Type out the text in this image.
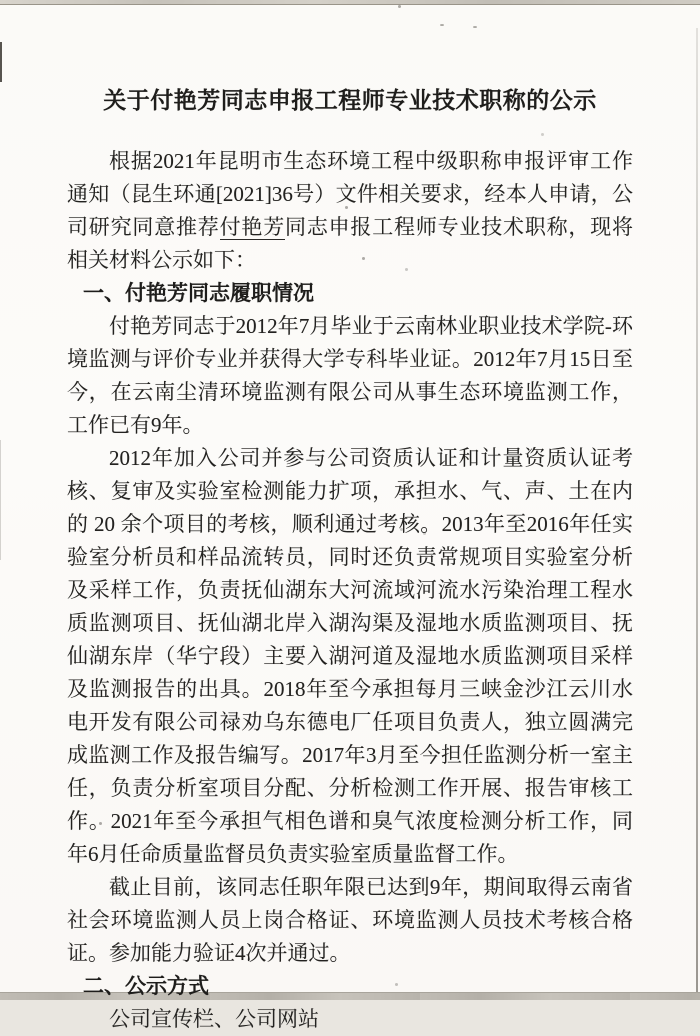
关于付艳芳同志申报工程师专业技术职称的公示

根据2021年昆明市生态环境工程中级职称申报评审工作通知（昆生环通[2021]36号）文件相关要求，经本人申请，公司研究同意推荐付艳芳同志申报工程师专业技术职称，现将相关材料公示如下：

一、付艳芳同志履职情况

付艳芳同志于2012年7月毕业于云南林业职业技术学院-环境监测与评价专业并获得大学专科毕业证。2012年7月15日至今，在云南尘清环境监测有限公司从事生态环境监测工作，工作已有9年。

2012年加入公司并参与公司资质认证和计量资质认证考核、复审及实验室检测能力扩项，承担水、气、声、土在内的 20 余个项目的考核，顺利通过考核。2013年至2016年任实验室分析员和样品流转员，同时还负责常规项目实验室分析及采样工作，负责抚仙湖东大河流域河流水污染治理工程水质监测项目、抚仙湖北岸入湖沟渠及湿地水质监测项目、抚仙湖东岸（华宁段）主要入湖河道及湿地水质监测项目采样及监测报告的出具。2018年至今承担每月三峡金沙江云川水电开发有限公司禄劝乌东德电厂任项目负责人，独立圆满完成监测工作及报告编写。2017年3月至今担任监测分析一室主任，负责分析室项目分配、分析检测工作开展、报告审核工作。2021年至今承担气相色谱和臭气浓度检测分析工作，同年6月任命质量监督员负责实验室质量监督工作。

截止目前，该同志任职年限已达到9年，期间取得云南省社会环境监测人员上岗合格证、环境监测人员技术考核合格证。参加能力验证4次并通过。

二、公示方式

公司宣传栏、公司网站
